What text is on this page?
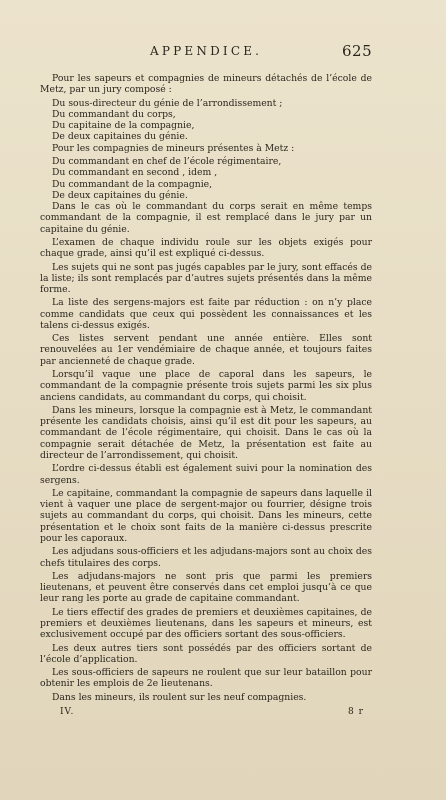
APPENDICE.	625

Pour les sapeurs et compagnies de mineurs détachés de l’école de Metz, par un jury composé :

Du sous-directeur du génie de l’arrondissement ;

Du commandant du corps,

Du capitaine de la compagnie,

De deux capitaines du génie.

Pour les compagnies de mineurs présentes à Metz :

Du commandant en chef de l’école régimentaire,

Du commandant en second , idem ,

Du commandant de la compagnie,

De deux capitaines du génie.

Dans le cas où le commandant du corps serait en même temps commandant de la compagnie, il est remplacé dans le jury par un capitaine du génie.

L’examen de chaque individu roule sur les objets exigés pour chaque grade, ainsi qu’il est expliqué ci-dessus.

Les sujets qui ne sont pas jugés capables par le jury, sont effacés de la liste; ils sont remplacés par d’autres sujets présentés dans la même forme.

La liste des sergens-majors est faite par réduction : on n’y place comme candidats que ceux qui possèdent les connaissances et les talens ci-dessus exigés.

Ces listes servent pendant une année entière. Elles sont renouvelées au 1er vendémiaire de chaque année, et toujours faites par ancienneté de chaque grade.

Lorsqu’il vaque une place de caporal dans les sapeurs, le commandant de la compagnie présente trois sujets parmi les six plus anciens candidats, au commandant du corps, qui choisit.

Dans les mineurs, lorsque la compagnie est à Metz, le commandant présente les candidats choisis, ainsi qu’il est dit pour les sapeurs, au commandant de l’école régimentaire, qui choisit. Dans le cas où la compagnie serait détachée de Metz, la présentation est faite au directeur de l’arrondissement, qui choisit.

L’ordre ci-dessus établi est également suivi pour la nomination des sergens.

Le capitaine, commandant la compagnie de sapeurs dans laquelle il vient à vaquer une place de sergent-major ou fourrier, désigne trois sujets au commandant du corps, qui choisit. Dans les mineurs, cette présentation et le choix sont faits de la manière ci-dessus prescrite pour les caporaux.

Les adjudans sous-officiers et les adjudans-majors sont au choix des chefs titulaires des corps.

Les adjudans-majors ne sont pris que parmi les premiers lieutenans, et peuvent être conservés dans cet emploi jusqu’à ce que leur rang les porte au grade de capitaine commandant.

Le tiers effectif des grades de premiers et deuxièmes capitaines, de premiers et deuxièmes lieutenans, dans les sapeurs et mineurs, est exclusivement occupé par des officiers sortant des sous-officiers.

Les deux autres tiers sont possédés par des officiers sortant de l’école d’application.

Les sous-officiers de sapeurs ne roulent que sur leur bataillon pour obtenir les emplois de 2e lieutenans.

Dans les mineurs, ils roulent sur les neuf compagnies.

IV.	8 r
